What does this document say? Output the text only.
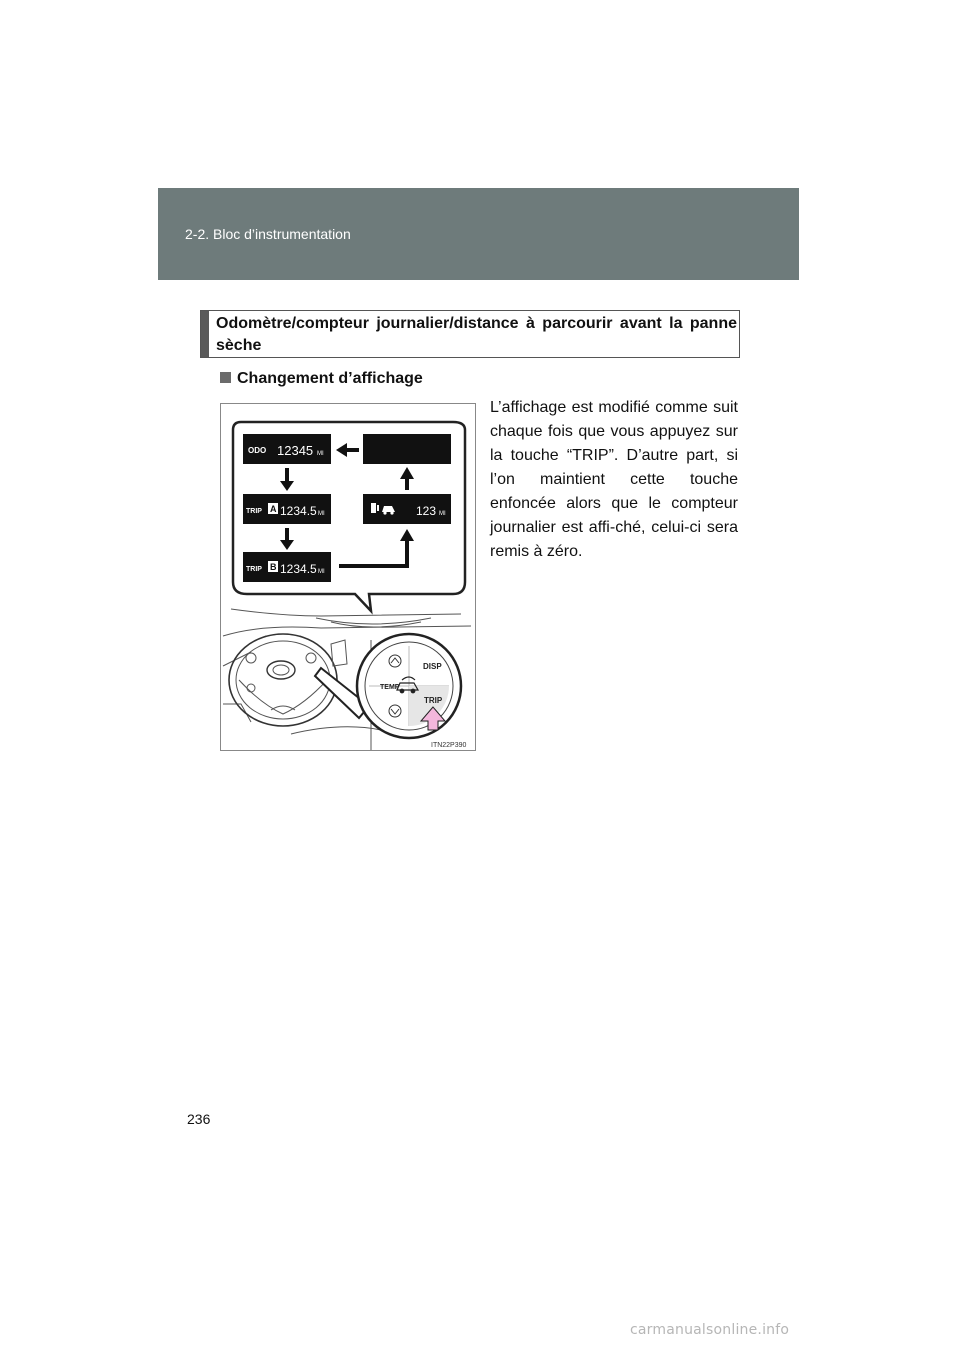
2-2. Bloc d’instrumentation
Odomètre/compteur journalier/distance à parcourir avant la panne sèche
Changement d’affichage
L’affichage est modifié comme suit chaque fois que vous appuyez sur la touche “TRIP”. D’autre part, si l’on maintient cette touche enfoncée alors que le compteur journalier est affi-ché, celui-ci sera remis à zéro.
ODO 12345 MI
TRIP A 1234.5 MI	123 MI
TRIP B 1234.5 MI
DISP
TEMP
TRIP
ITN22P390
236
carmanualsonline.info
